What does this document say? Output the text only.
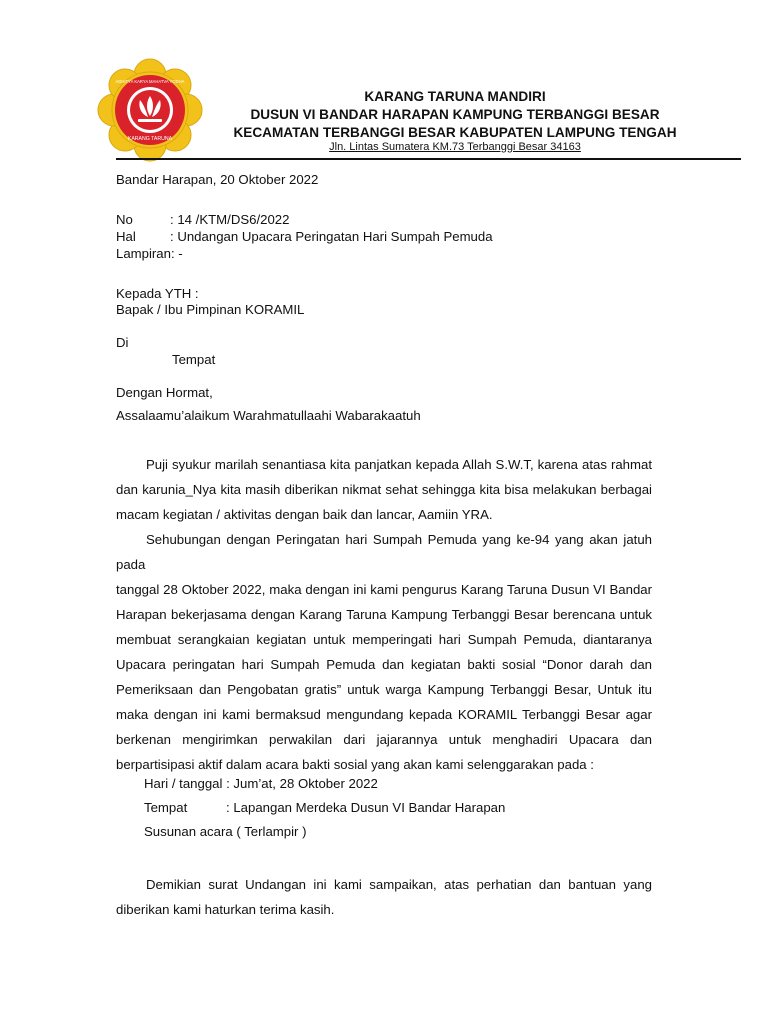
ADHITYA KARYA MAHATVA YODHA
KARANG TARUNA
KARANG TARUNA MANDIRI
DUSUN VI BANDAR HARAPAN KAMPUNG TERBANGGI BESAR
KECAMATAN TERBANGGI BESAR KABUPATEN LAMPUNG TENGAH
Jln. Lintas Sumatera KM.73 Terbanggi Besar 34163
Bandar Harapan, 20 Oktober 2022
No	: 14 /KTM/DS6/2022
Hal	: Undangan Upacara Peringatan Hari Sumpah Pemuda
Lampiran: -
Kepada YTH :
Bapak / Ibu Pimpinan KORAMIL
Di
Tempat
Dengan Hormat,
Assalaamu’alaikum Warahmatullaahi Wabarakaatuh

Puji syukur marilah senantiasa kita panjatkan kepada Allah S.W.T, karena atas rahmat

dan karunia_Nya kita masih diberikan nikmat sehat sehingga kita bisa melakukan berbagai

macam kegiatan / aktivitas dengan baik dan lancar, Aamiin YRA.

Sehubungan dengan Peringatan hari Sumpah Pemuda yang ke-94 yang akan jatuh pada

tanggal 28 Oktober 2022, maka dengan ini kami pengurus Karang Taruna Dusun VI Bandar

Harapan bekerjasama dengan Karang Taruna Kampung Terbanggi Besar berencana untuk

membuat serangkaian kegiatan untuk memperingati hari Sumpah Pemuda, diantaranya

Upacara peringatan hari Sumpah Pemuda dan kegiatan bakti sosial “Donor darah dan

Pemeriksaan dan Pengobatan gratis” untuk warga Kampung Terbanggi Besar, Untuk itu

maka dengan ini kami bermaksud mengundang kepada KORAMIL Terbanggi Besar agar

berkenan mengirimkan perwakilan dari jajarannya untuk menghadiri Upacara dan

berpartisipasi aktif dalam acara bakti sosial yang akan kami selenggarakan pada :

Hari / tanggal : Jum’at, 28 Oktober 2022
Tempat	: Lapangan Merdeka Dusun VI Bandar Harapan
Susunan acara ( Terlampir )

Demikian surat Undangan ini kami sampaikan, atas perhatian dan bantuan yang

diberikan kami haturkan terima kasih.
